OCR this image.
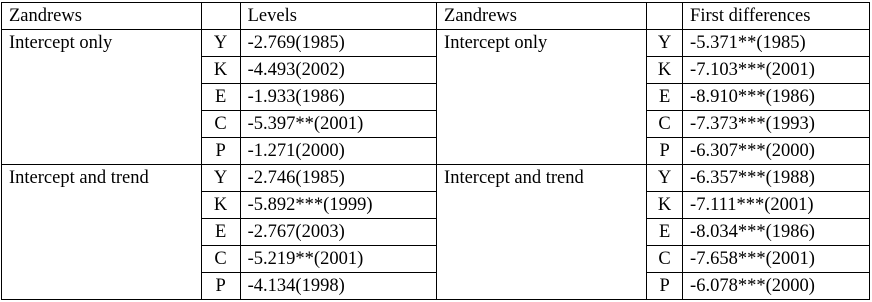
Zandrews		Levels	Zandrews		First differences
Intercept only	Y	-2.769(1985)	Intercept only	Y	-5.371**(1985)
	K	-4.493(2002)		K	-7.103***(2001)
	E	-1.933(1986)		E	-8.910***(1986)
	C	-5.397**(2001)		C	-7.373***(1993)
	P	-1.271(2000)		P	-6.307***(2000)
Intercept and trend	Y	-2.746(1985)	Intercept and trend	Y	-6.357***(1988)
	K	-5.892***(1999)		K	-7.111***(2001)
	E	-2.767(2003)		E	-8.034***(1986)
	C	-5.219**(2001)		C	-7.658***(2001)
	P	-4.134(1998)		P	-6.078***(2000)
